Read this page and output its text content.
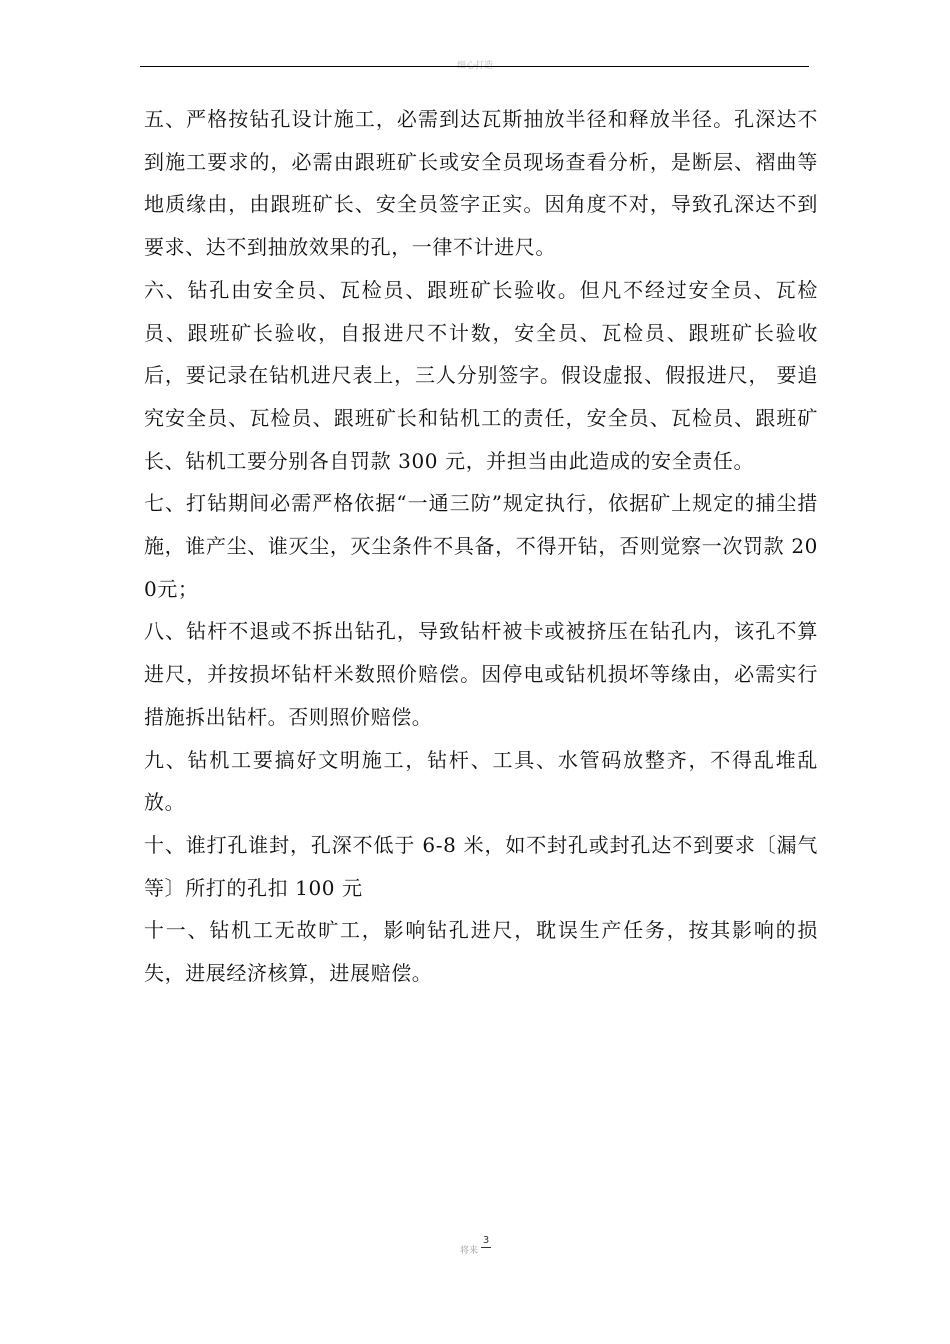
细心打造

五、严格按钻孔设计施工，必需到达瓦斯抽放半径和释放半径。孔深达不到施工要求的，必需由跟班矿长或安全员现场查看分析，是断层、褶曲等地质缘由，由跟班矿长、安全员签字正实。因角度不对，导致孔深达不到要求、达不到抽放效果的孔，一律不计进尺。

六、钻孔由安全员、瓦检员、跟班矿长验收。但凡不经过安全员、瓦检员、跟班矿长验收，自报进尺不计数，安全员、瓦检员、跟班矿长验收后，要记录在钻机进尺表上，三人分别签字。假设虚报、假报进尺， 要追究安全员、瓦检员、跟班矿长和钻机工的责任，安全员、瓦检员、跟班矿长、钻机工要分别各自罚款 300 元，并担当由此造成的安全责任。

七、打钻期间必需严格依据“一通三防”规定执行，依据矿上规定的捕尘措施，谁产尘、谁灭尘，灭尘条件不具备，不得开钻，否则觉察一次罚款 200元；

八、钻杆不退或不拆出钻孔，导致钻杆被卡或被挤压在钻孔内，该孔不算进尺，并按损坏钻杆米数照价赔偿。因停电或钻机损坏等缘由，必需实行措施拆出钻杆。否则照价赔偿。

九、钻机工要搞好文明施工，钻杆、工具、水管码放整齐，不得乱堆乱放。

十、谁打孔谁封，孔深不低于 6-8 米，如不封孔或封孔达不到要求〔漏气等〕所打的孔扣 100 元

十一、钻机工无故旷工，影响钻孔进尺，耽误生产任务，按其影响的损失，进展经济核算，进展赔偿。

将来
3
